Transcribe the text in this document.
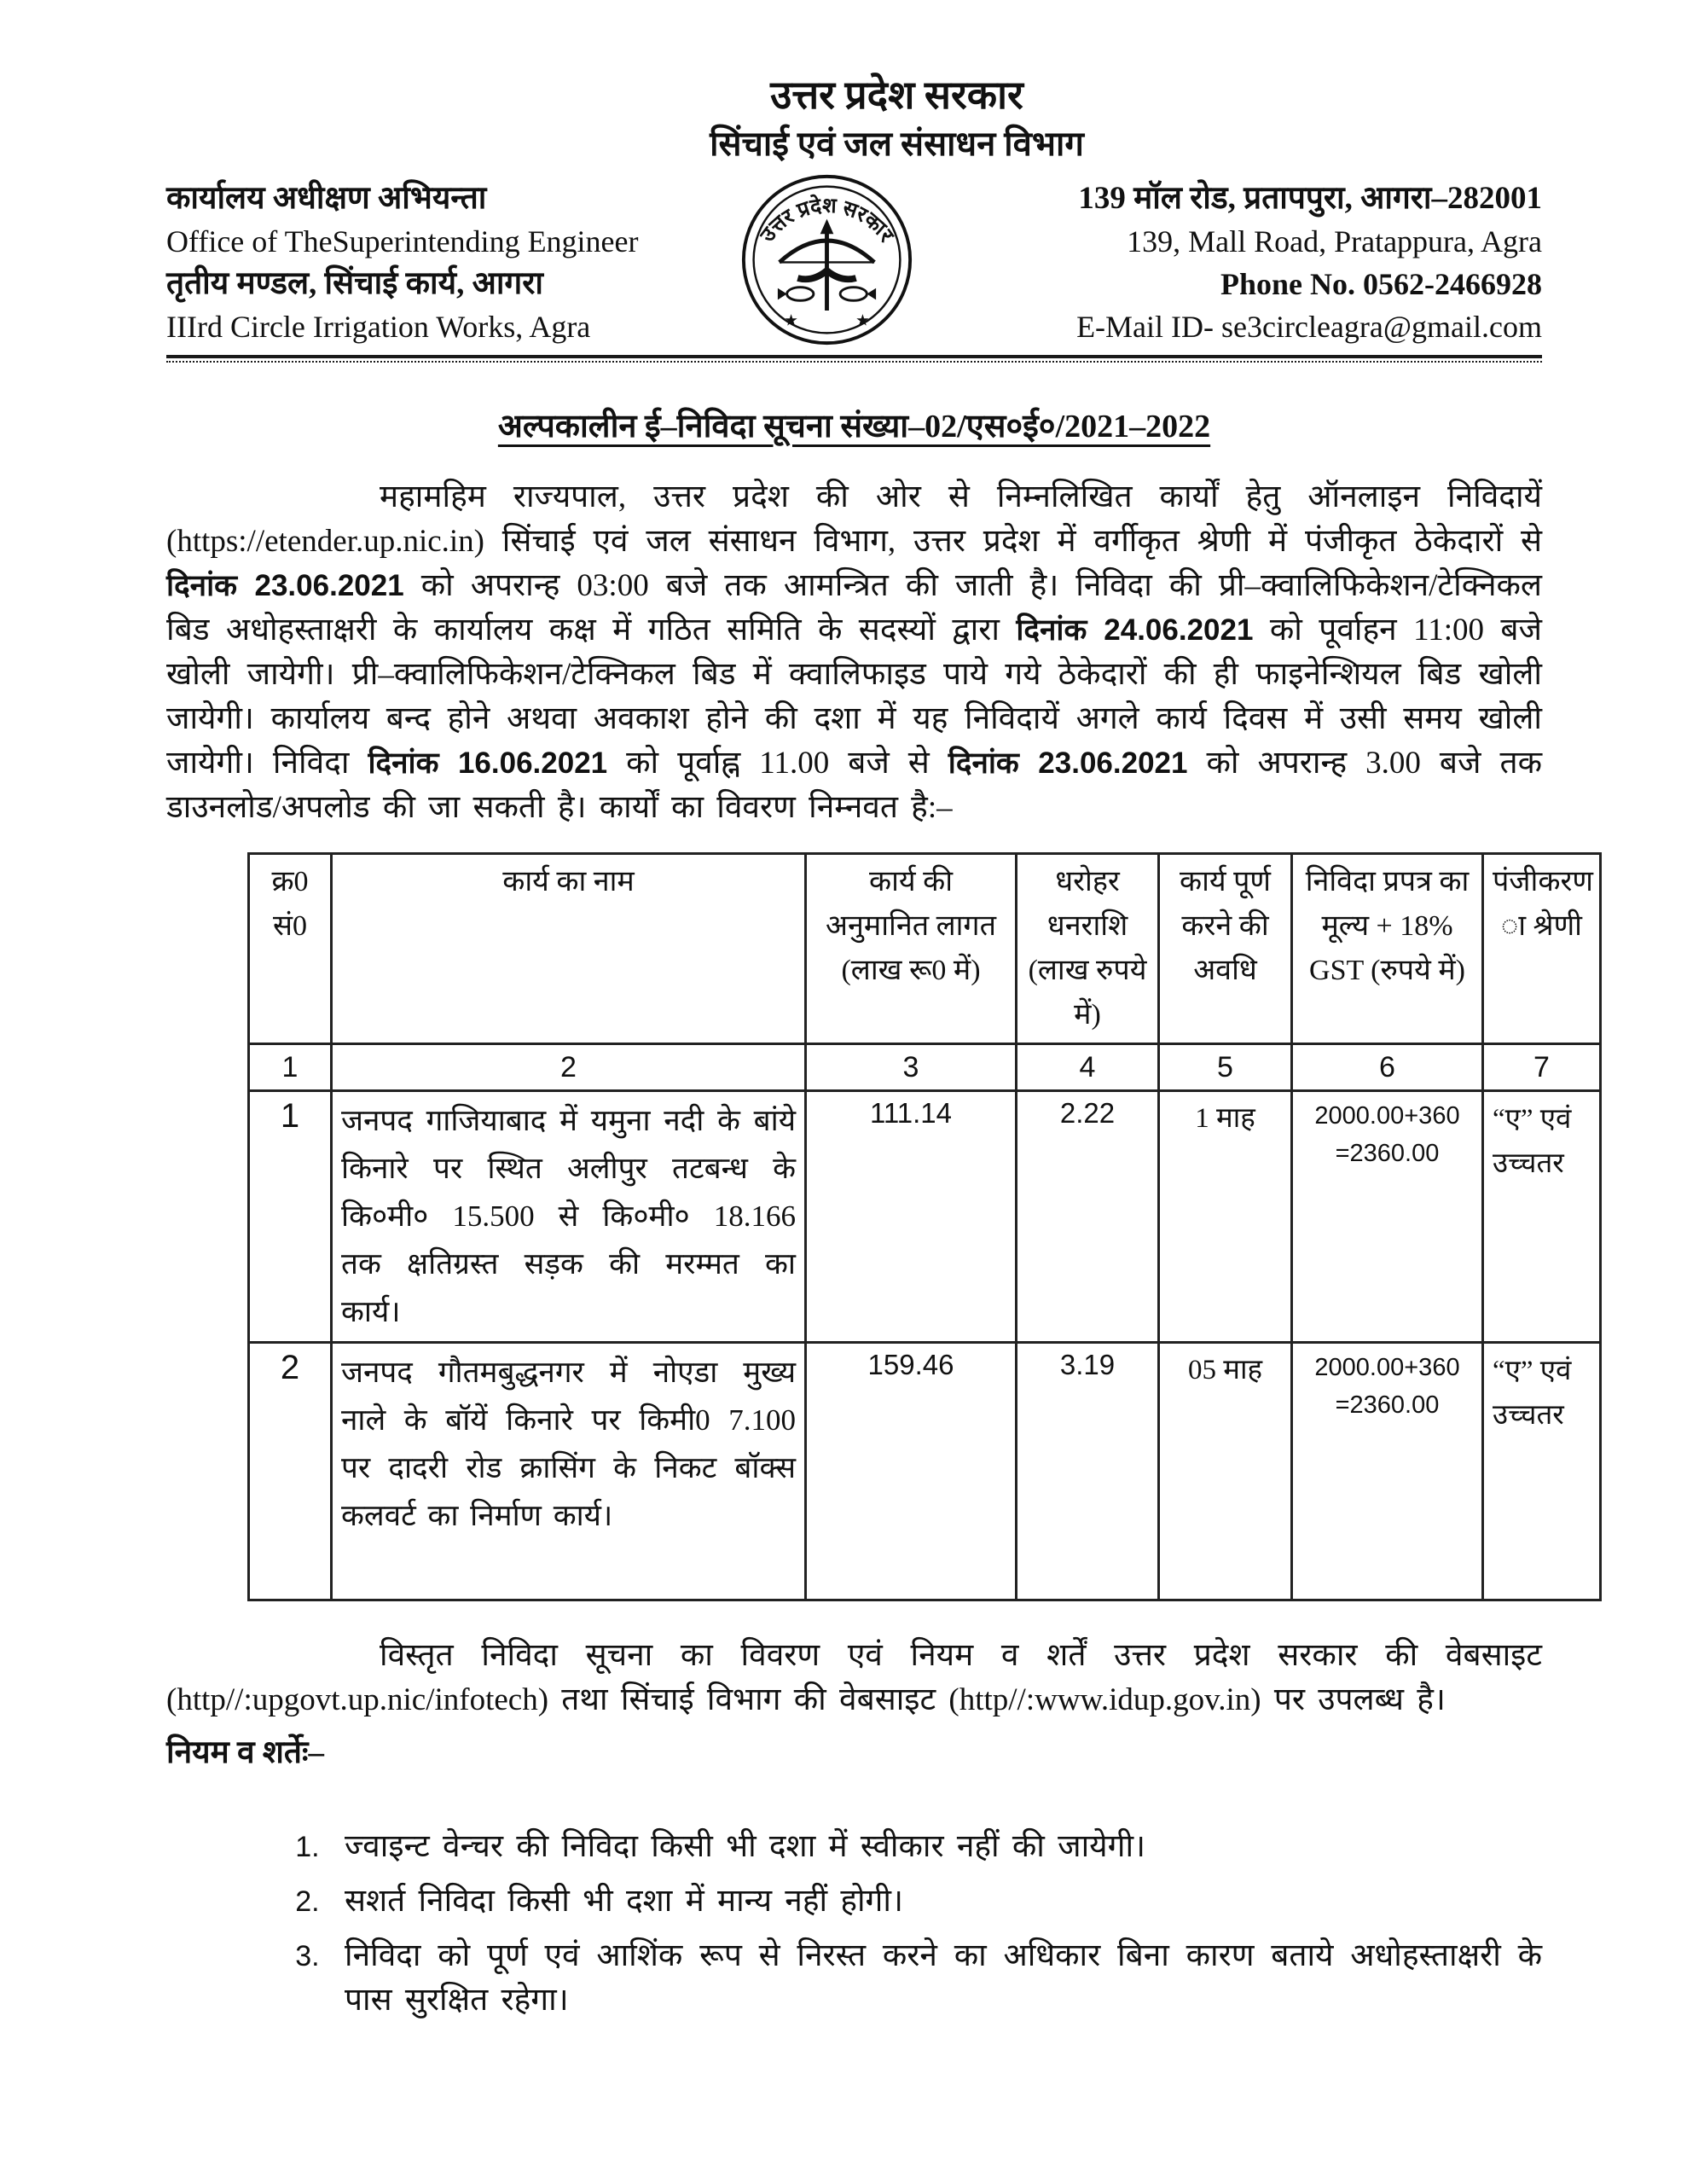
उत्तर प्रदेश सरकार
सिंचाई एवं जल संसाधन विभाग
कार्यालय अधीक्षण अभियन्ता
Office of TheSuperintending Engineer
तृतीय मण्डल, सिंचाई कार्य, आगरा
IIIrd Circle Irrigation Works, Agra
उत्तर प्रदेश सरकार
★	★
139 मॉल रोड, प्रतापपुरा, आगरा–282001
139, Mall Road, Pratappura, Agra
Phone No. 0562-2466928
E-Mail ID- se3circleagra@gmail.com
अल्पकालीन ई–निविदा सूचना संख्या–02/एस०ई०/2021–2022

महामहिम राज्यपाल, उत्तर प्रदेश की ओर से निम्नलिखित कार्यों हेतु ऑनलाइन निविदायें (https://etender.up.nic.in) सिंचाई एवं जल संसाधन विभाग, उत्तर प्रदेश में वर्गीकृत श्रेणी में पंजीकृत ठेकेदारों से दिनांक 23.06.2021 को अपरान्ह 03:00 बजे तक आमन्त्रित की जाती है। निविदा की प्री–क्वालिफिकेशन/टेक्निकल बिड अधोहस्ताक्षरी के कार्यालय कक्ष में गठित समिति के सदस्यों द्वारा दिनांक 24.06.2021 को पूर्वाहन 11:00 बजे खोली जायेगी। प्री–क्वालिफिकेशन/टेक्निकल बिड में क्वालिफाइड पाये गये ठेकेदारों की ही फाइनेन्शियल बिड खोली जायेगी। कार्यालय बन्द होने अथवा अवकाश होने की दशा में यह निविदायें अगले कार्य दिवस में उसी समय खोली जायेगी। निविदा दिनांक 16.06.2021 को पूर्वाह्न 11.00 बजे से दिनांक 23.06.2021 को अपरान्ह 3.00 बजे तक डाउनलोड/अपलोड की जा सकती है। कार्यों का विवरण निम्नवत है:–

क्र0 सं0	कार्य का नाम	कार्य की अनुमानित लागत (लाख रू0 में)	धरोहर धनराशि (लाख रुपये में)	कार्य पूर्ण करने की अवधि	निविदा प्रपत्र का मूल्य + 18% GST (रुपये में)	पंजीकरण ा श्रेणी
1	2	3	4	5	6	7
1	जनपद गाजियाबाद में यमुना नदी के बांये किनारे पर स्थित अलीपुर तटबन्ध के कि०मी० 15.500 से कि०मी० 18.166 तक क्षतिग्रस्त सड़क की मरम्मत का कार्य।	111.14	2.22	1 माह	2000.00+360 =2360.00	“ए” एवं उच्चतर
2	जनपद गौतमबुद्धनगर में नोएडा मुख्य नाले के बॉयें किनारे पर किमी0 7.100 पर दादरी रोड क्रासिंग के निकट बॉक्स कलवर्ट का निर्माण कार्य।	159.46	3.19	05 माह	2000.00+360 =2360.00	“ए” एवं उच्चतर

विस्तृत निविदा सूचना का विवरण एवं नियम व शर्तें उत्तर प्रदेश सरकार की वेबसाइट (http//:upgovt.up.nic/infotech) तथा सिंचाई विभाग की वेबसाइट (http//:www.idup.gov.in) पर उपलब्ध है।

नियम व शर्तेः–
1. ज्वाइन्ट वेन्चर की निविदा किसी भी दशा में स्वीकार नहीं की जायेगी।
2. सशर्त निविदा किसी भी दशा में मान्य नहीं होगी।
3. निविदा को पूर्ण एवं आशिंक रूप से निरस्त करने का अधिकार बिना कारण बताये अधोहस्ताक्षरी के पास सुरक्षित रहेगा।
